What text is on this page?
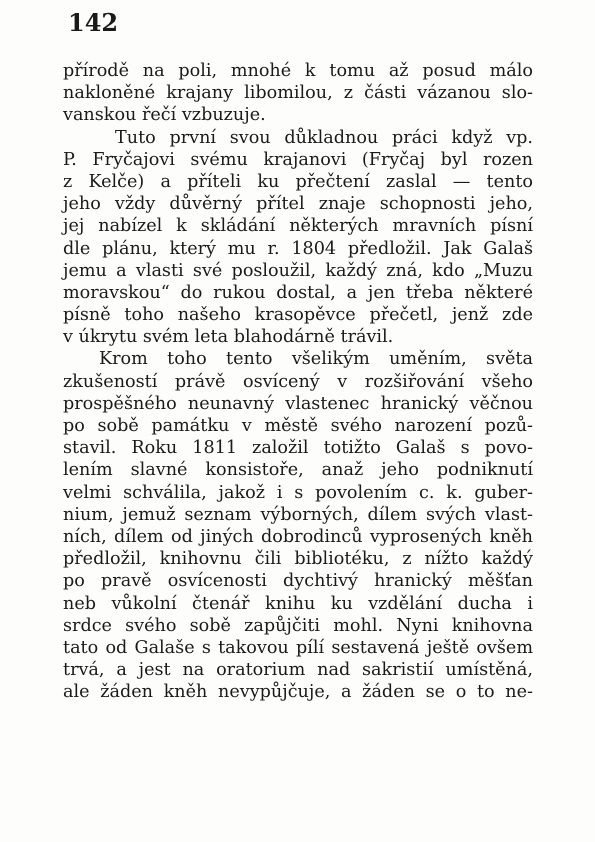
142
přírodě na poli, mnohé k tomu až posud málo
nakloněné krajany libomilou, z části vázanou slo-
vanskou řečí vzbuzuje.
Tuto první svou důkladnou práci když vp.
P. Fryčajovi svému krajanovi (Fryčaj byl rozen
z Kelče) a příteli ku přečtení zaslal — tento
jeho vždy důvěrný přítel znaje schopnosti jeho,
jej nabízel k skládání některých mravních písní
dle plánu, který mu r. 1804 předložil. Jak Galaš
jemu a vlasti své posloužil, každý zná, kdo „Muzu
moravskou“ do rukou dostal, a jen třeba některé
písně toho našeho krasopěvce přečetl, jenž zde
v úkrytu svém leta blahodárně trávil.
Krom toho tento všelikým uměním, světa
zkušeností právě osvícený v rozšiřování všeho
prospěšného neunavný vlastenec hranický věčnou
po sobě památku v městě svého narození pozů-
stavil. Roku 1811 založil totižto Galaš s povo-
lením slavné konsistoře, anaž jeho podniknutí
velmi schválila, jakož i s povolením c. k. guber-
nium, jemuž seznam výborných, dílem svých vlast-
ních, dílem od jiných dobrodinců vyprosených kněh
předložil, knihovnu čili bibliotéku, z nížto každý
po pravě osvícenosti dychtivý hranický měšťan
neb vůkolní čtenář knihu ku vzdělání ducha i
srdce svého sobě zapůjčiti mohl. Nyni knihovna
tato od Galaše s takovou pílí sestavená ještě ovšem
trvá, a jest na oratorium nad sakristií umístěná,
ale žáden kněh nevypůjčuje, a žáden se o to ne-
